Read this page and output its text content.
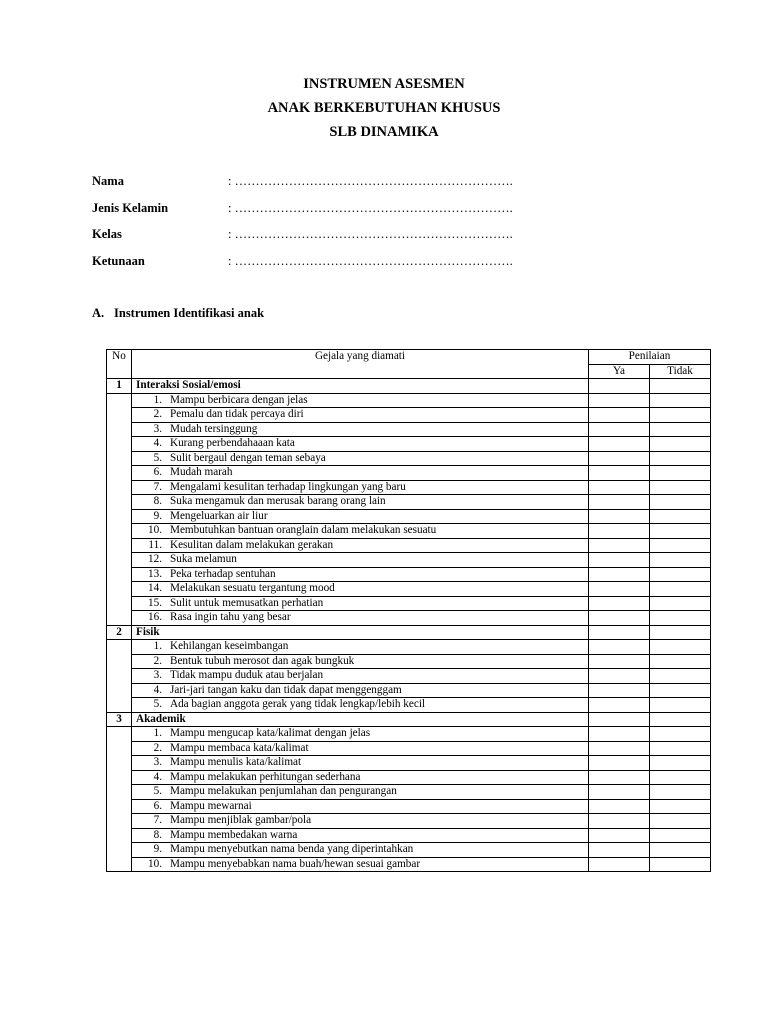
INSTRUMEN ASESMEN
ANAK BERKEBUTUHAN KHUSUS
SLB DINAMIKA
Nama	: ………………………………………………………….
Jenis Kelamin	: ………………………………………………………….
Kelas	: ………………………………………………………….
Ketunaan	: ………………………………………………………….
A. Instrumen Identifikasi anak
No	Gejala yang diamati	Penilaian	
		Ya	Tidak
1	Interaksi Sosial/emosi		
	1. Mampu berbicara dengan jelas		
	2. Pemalu dan tidak percaya diri		
	3. Mudah tersinggung		
	4. Kurang perbendahaaan kata		
	5. Sulit bergaul dengan teman sebaya		
	6. Mudah marah		
	7. Mengalami kesulitan terhadap lingkungan yang baru		
	8. Suka mengamuk dan merusak barang orang lain		
	9. Mengeluarkan air liur		
	10. Membutuhkan bantuan oranglain dalam melakukan sesuatu		
	11. Kesulitan dalam melakukan gerakan		
	12. Suka melamun		
	13. Peka terhadap sentuhan		
	14. Melakukan sesuatu tergantung mood		
	15. Sulit untuk memusatkan perhatian		
	16. Rasa ingin tahu yang besar		
2	Fisik		
	1. Kehilangan keseimbangan		
	2. Bentuk tubuh merosot dan agak bungkuk		
	3. Tidak mampu duduk atau berjalan		
	4. Jari-jari tangan kaku dan tidak dapat menggenggam		
	5. Ada bagian anggota gerak yang tidak lengkap/lebih kecil		
3	Akademik		
	1. Mampu mengucap kata/kalimat dengan jelas		
	2. Mampu membaca kata/kalimat		
	3. Mampu menulis kata/kalimat		
	4. Mampu melakukan perhitungan sederhana		
	5. Mampu melakukan penjumlahan dan pengurangan		
	6. Mampu mewarnai		
	7. Mampu menjiblak gambar/pola		
	8. Mampu membedakan warna		
	9. Mampu menyebutkan nama benda yang diperintahkan		
	10. Mampu menyebabkan nama buah/hewan sesuai gambar		
